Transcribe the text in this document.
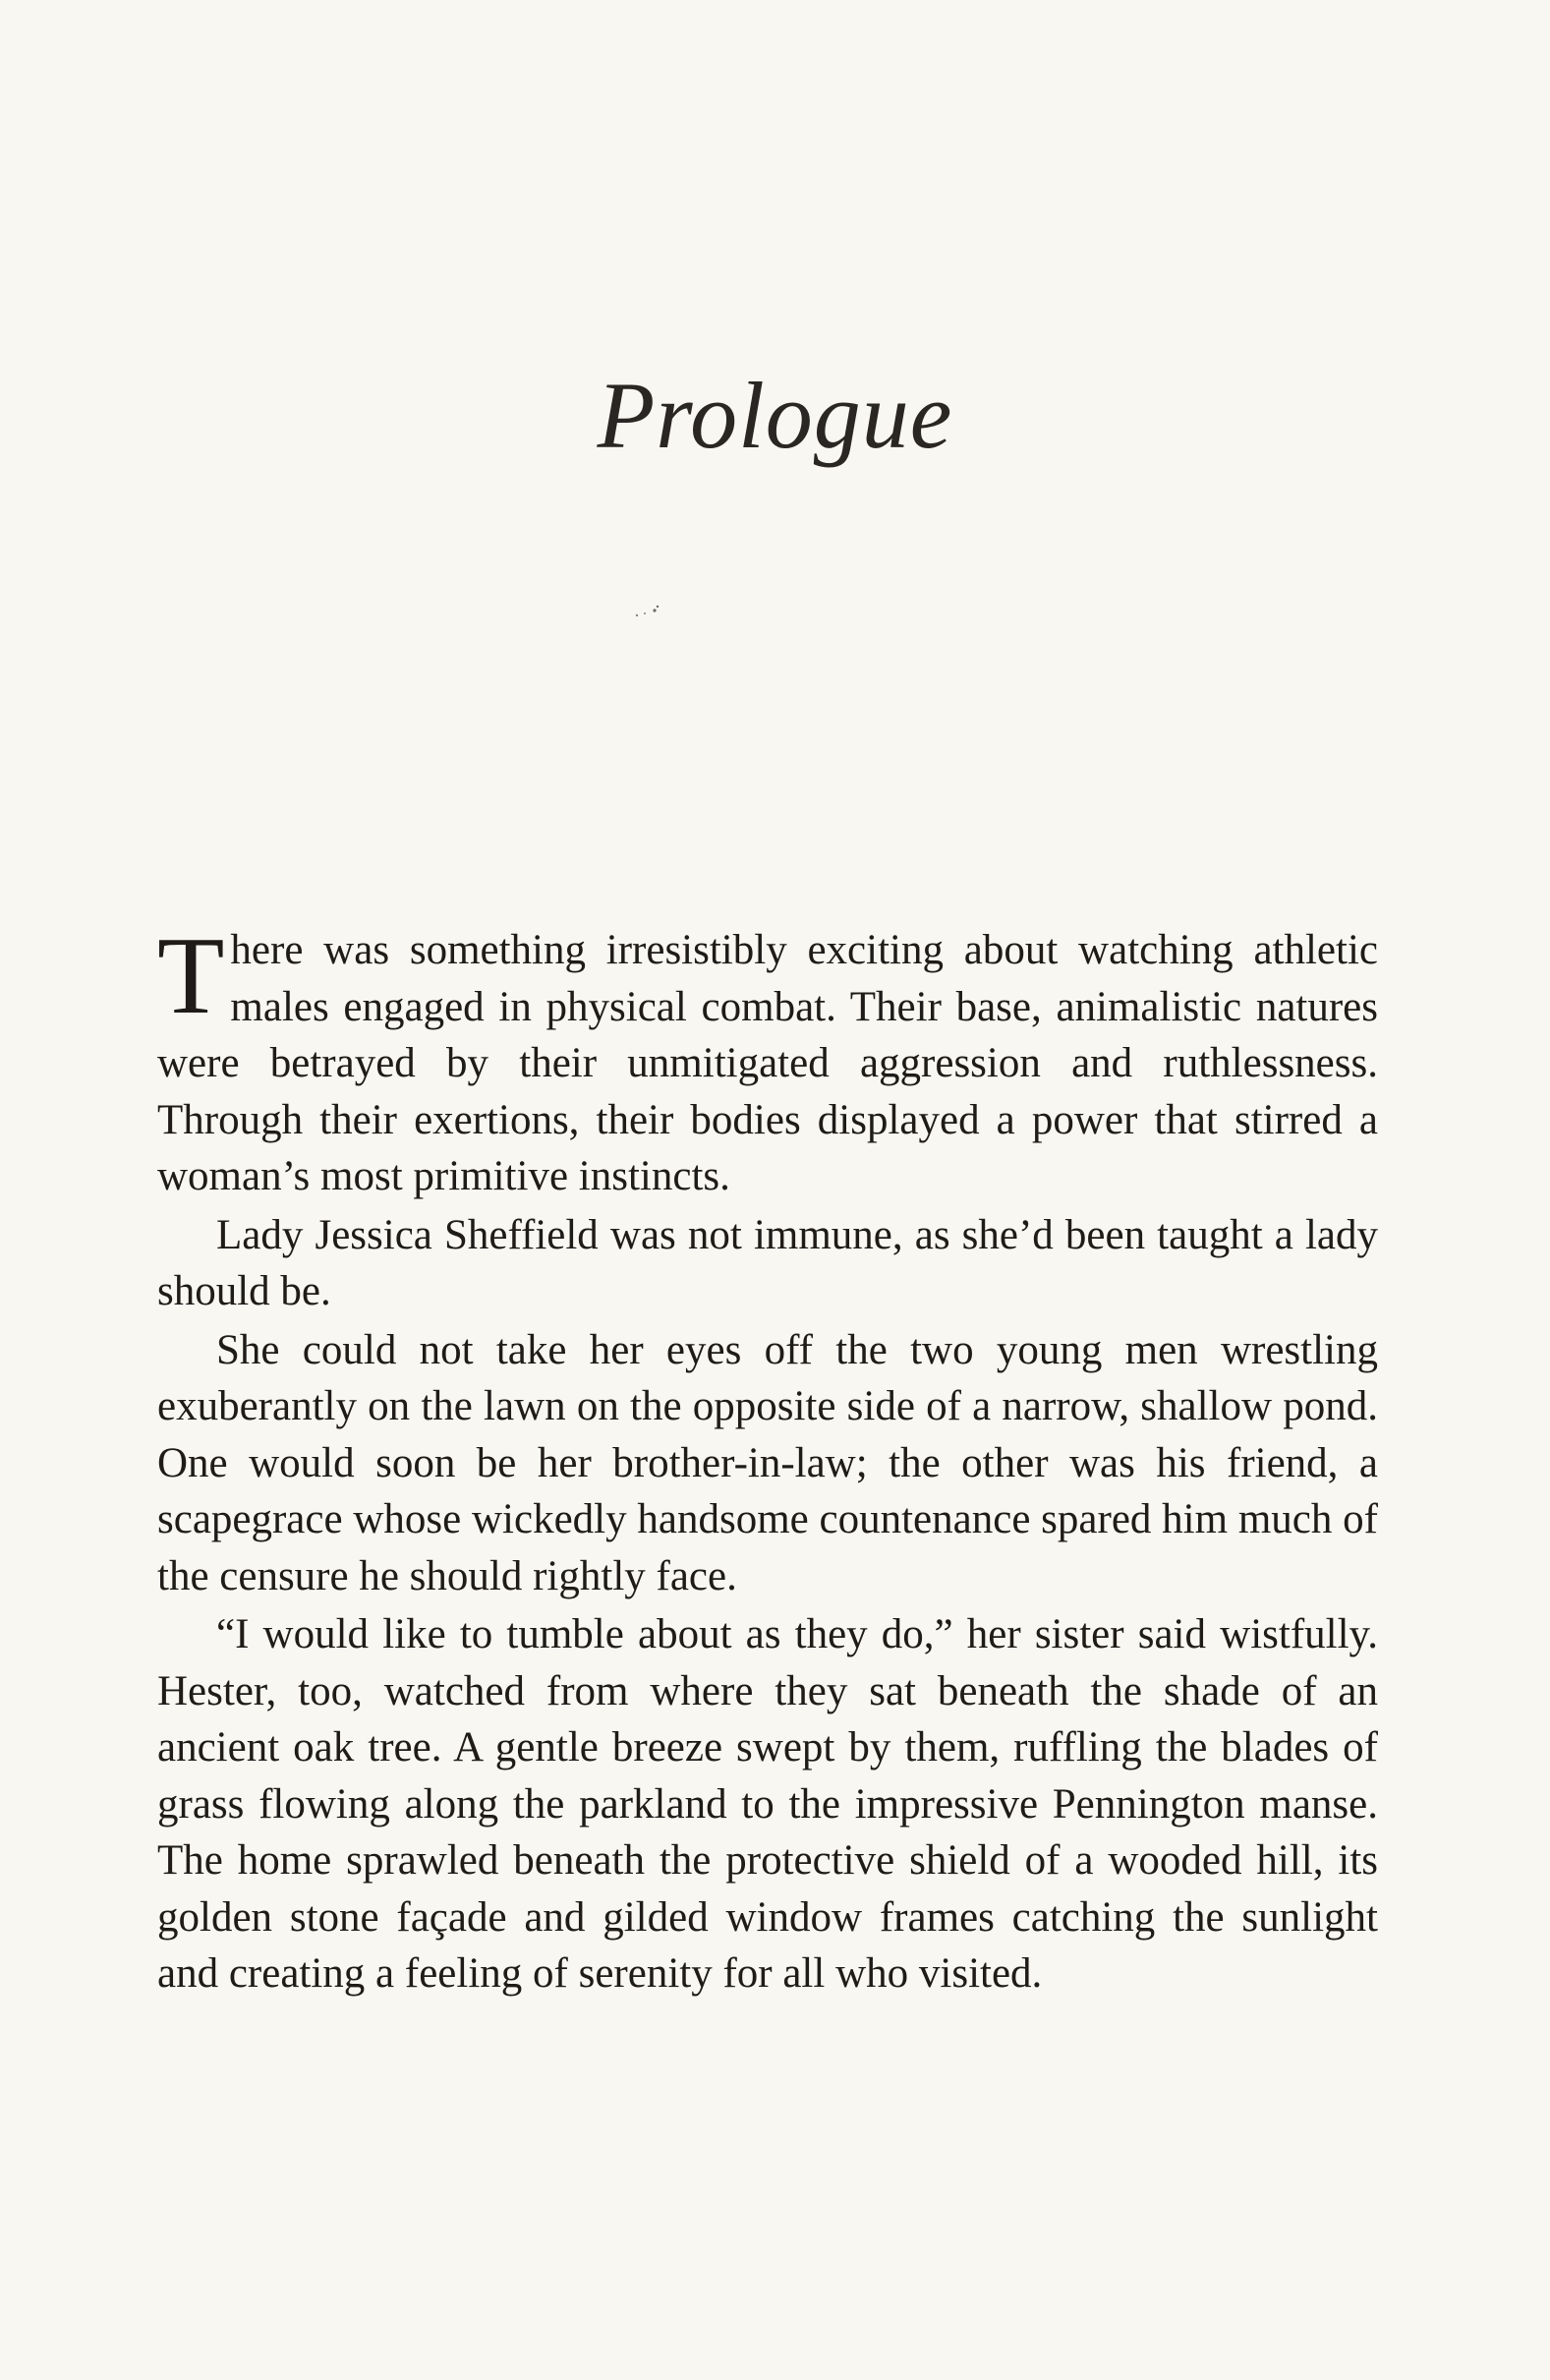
Prologue

There was something irresistibly exciting about watching athletic males engaged in physical combat. Their base, animalistic natures were betrayed by their unmitigated aggression and ruthlessness. Through their exertions, their bodies displayed a power that stirred a woman’s most primitive instincts.

Lady Jessica Sheffield was not immune, as she’d been taught a lady should be.

She could not take her eyes off the two young men wrestling exuberantly on the lawn on the opposite side of a narrow, shallow pond. One would soon be her brother-in-law; the other was his friend, a scapegrace whose wickedly handsome countenance spared him much of the censure he should rightly face.

“I would like to tumble about as they do,” her sister said wistfully. Hester, too, watched from where they sat beneath the shade of an ancient oak tree. A gentle breeze swept by them, ruffling the blades of grass flowing along the parkland to the impressive Pennington manse. The home sprawled beneath the protective shield of a wooded hill, its golden stone façade and gilded window frames catching the sunlight and creating a feeling of serenity for all who visited.
